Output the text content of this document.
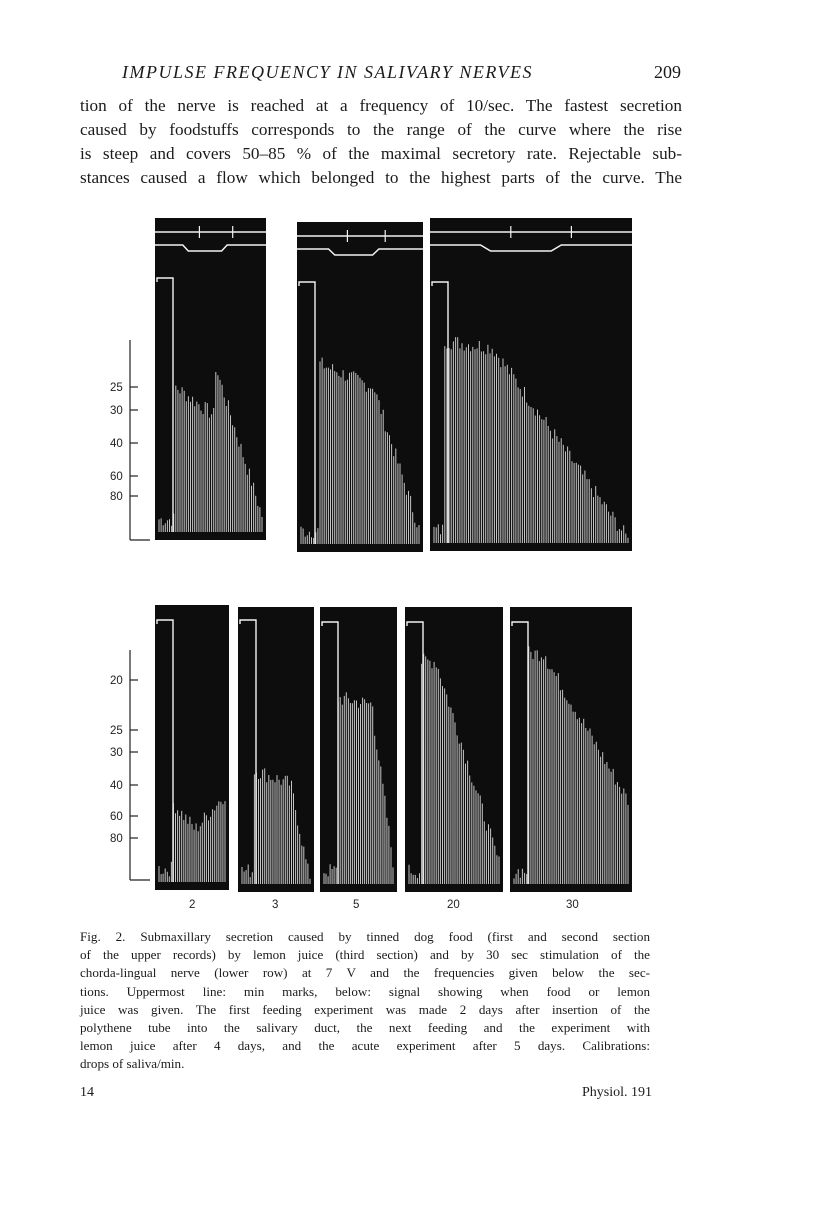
IMPULSE FREQUENCY IN SALIVARY NERVES	209

tion of the nerve is reached at a frequency of 10/sec. The fastest secretion
caused by foodstuffs corresponds to the range of the curve where the rise
is steep and covers 50–85 % of the maximal secretory rate. Rejectable sub-
stances caused a flow which belonged to the highest parts of the curve. The

25
30
40
60
80
20
25
30
40
60
80
2	3	5	20	30

Fig. 2. Submaxillary secretion caused by tinned dog food (first and second section
of the upper records) by lemon juice (third section) and by 30 sec stimulation of the
chorda-lingual nerve (lower row) at 7 V and the frequencies given below the sec-
tions. Uppermost line: min marks, below: signal showing when food or lemon
juice was given. The first feeding experiment was made 2 days after insertion of the
polythene tube into the salivary duct, the next feeding and the experiment with
lemon juice after 4 days, and the acute experiment after 5 days. Calibrations:
drops of saliva/min.

14	Physiol. 191
